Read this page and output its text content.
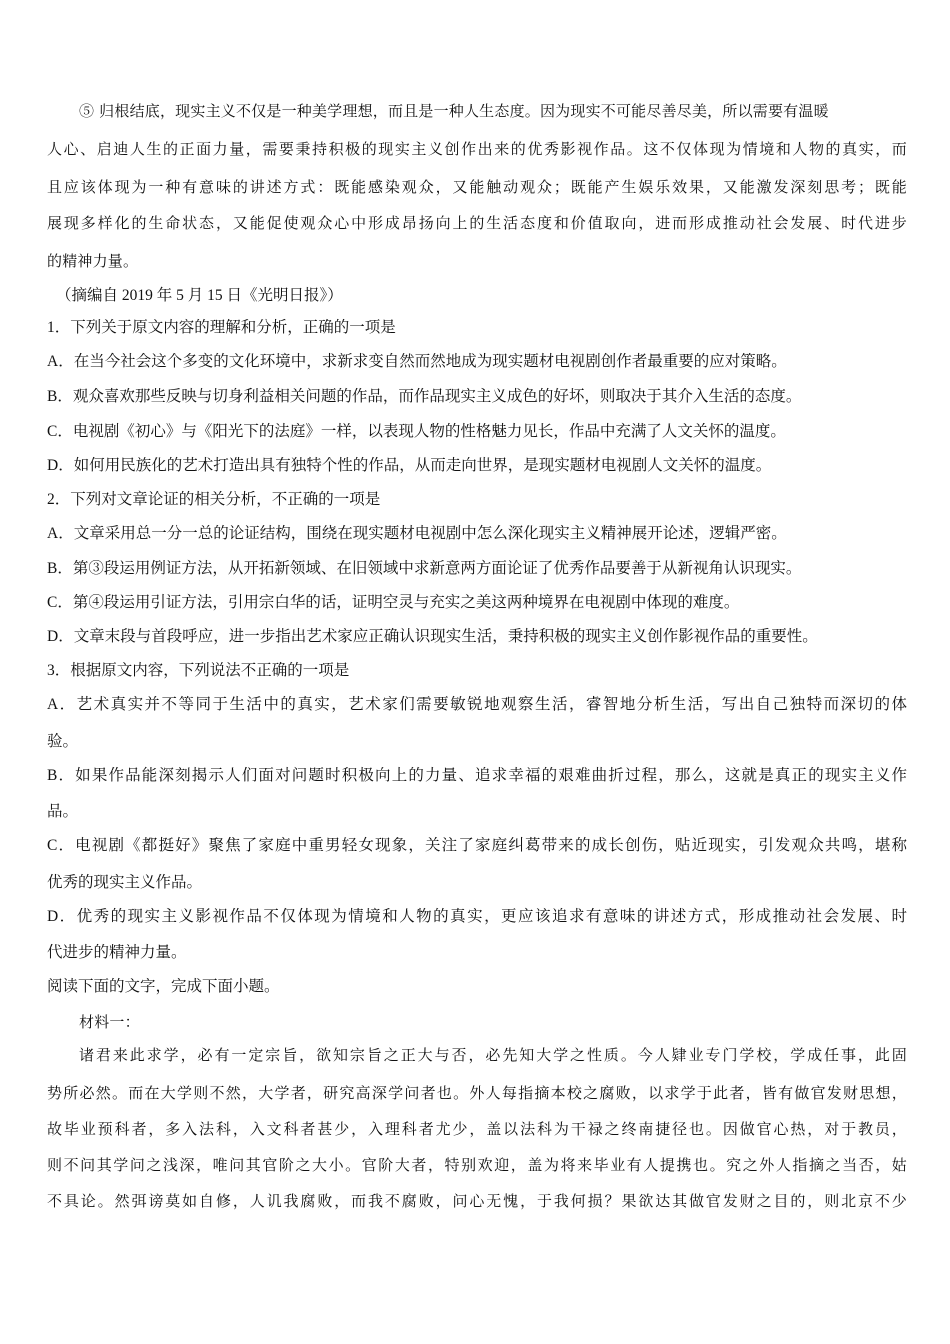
⑤ 归根结底，现实主义不仅是一种美学理想，而且是一种人生态度。因为现实不可能尽善尽美，所以需要有温暖
人心、启迪人生的正面力量，需要秉持积极的现实主义创作出来的优秀影视作品。这不仅体现为情境和人物的真实，而
且应该体现为一种有意味的讲述方式：既能感染观众，又能触动观众；既能产生娱乐效果，又能激发深刻思考；既能
展现多样化的生命状态，又能促使观众心中形成昂扬向上的生活态度和价值取向，进而形成推动社会发展、时代进步
的精神力量。
（摘编自 2019 年 5 月 15 日《光明日报》）
1．下列关于原文内容的理解和分析，正确的一项是
A．在当今社会这个多变的文化环境中，求新求变自然而然地成为现实题材电视剧创作者最重要的应对策略。
B．观众喜欢那些反映与切身利益相关问题的作品，而作品现实主义成色的好坏，则取决于其介入生活的态度。
C．电视剧《初心》与《阳光下的法庭》一样，以表现人物的性格魅力见长，作品中充满了人文关怀的温度。
D．如何用民族化的艺术打造出具有独特个性的作品，从而走向世界，是现实题材电视剧人文关怀的温度。
2．下列对文章论证的相关分析，不正确的一项是
A．文章采用总一分一总的论证结构，围绕在现实题材电视剧中怎么深化现实主义精神展开论述，逻辑严密。
B．第③段运用例证方法，从开拓新领域、在旧领域中求新意两方面论证了优秀作品要善于从新视角认识现实。
C．第④段运用引证方法，引用宗白华的话，证明空灵与充实之美这两种境界在电视剧中体现的难度。
D．文章末段与首段呼应，进一步指出艺术家应正确认识现实生活，秉持积极的现实主义创作影视作品的重要性。
3．根据原文内容，下列说法不正确的一项是
A．艺术真实并不等同于生活中的真实，艺术家们需要敏锐地观察生活，睿智地分析生活，写出自己独特而深切的体
验。
B．如果作品能深刻揭示人们面对问题时积极向上的力量、追求幸福的艰难曲折过程，那么，这就是真正的现实主义作
品。
C．电视剧《都挺好》聚焦了家庭中重男轻女现象，关注了家庭纠葛带来的成长创伤，贴近现实，引发观众共鸣，堪称
优秀的现实主义作品。
D．优秀的现实主义影视作品不仅体现为情境和人物的真实，更应该追求有意味的讲述方式，形成推动社会发展、时
代进步的精神力量。
阅读下面的文字，完成下面小题。
材料一：
诸君来此求学，必有一定宗旨，欲知宗旨之正大与否，必先知大学之性质。今人肄业专门学校，学成任事，此固
势所必然。而在大学则不然，大学者，研究高深学问者也。外人每指摘本校之腐败，以求学于此者，皆有做官发财思想，
故毕业预科者，多入法科，入文科者甚少，入理科者尤少，盖以法科为干禄之终南捷径也。因做官心热，对于教员，
则不问其学问之浅深，唯问其官阶之大小。官阶大者，特别欢迎，盖为将来毕业有人提携也。究之外人指摘之当否，姑
不具论。然弭谤莫如自修，人讥我腐败，而我不腐败，问心无愧，于我何损？果欲达其做官发财之目的，则北京不少
